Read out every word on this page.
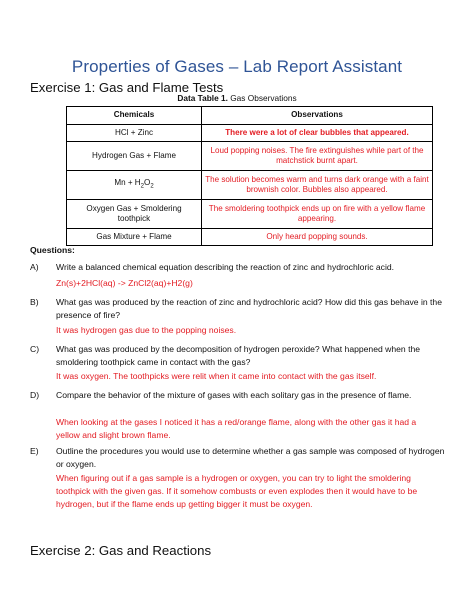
Properties of Gases – Lab Report Assistant
Exercise 1: Gas and Flame Tests
Data Table 1. Gas Observations
Chemicals	Observations
HCl + Zinc	There were a lot of clear bubbles that appeared.
Hydrogen Gas + Flame	Loud popping noises. The fire extinguishes while part of the matchstick burnt apart.
$Mn + H_2O_2$	The solution becomes warm and turns dark orange with a faint brownish color. Bubbles also appeared.
Oxygen Gas + Smoldering toothpick	The smoldering toothpick ends up on fire with a yellow flame appearing.
Gas Mixture + Flame	Only heard popping sounds.
Questions:
A) Write a balanced chemical equation describing the reaction of zinc and hydrochloric acid.
Zn(s)+2HCl(aq) -> ZnCl2(aq)+H2(g)
B) What gas was produced by the reaction of zinc and hydrochloric acid? How did this gas behave in the presence of fire?
It was hydrogen gas due to the popping noises.
C) What gas was produced by the decomposition of hydrogen peroxide? What happened when the smoldering toothpick came in contact with the gas?
It was oxygen. The toothpicks were relit when it came into contact with the gas itself.
D) Compare the behavior of the mixture of gases with each solitary gas in the presence of flame.
When looking at the gases I noticed it has a red/orange flame, along with the other gas it had a yellow and slight brown flame.
E) Outline the procedures you would use to determine whether a gas sample was composed of hydrogen or oxygen.
When figuring out if a gas sample is a hydrogen or oxygen, you can try to light the smoldering toothpick with the given gas. If it somehow combusts or even explodes then it would have to be hydrogen, but if the flame ends up getting bigger it must be oxygen.
Exercise 2: Gas and Reactions
